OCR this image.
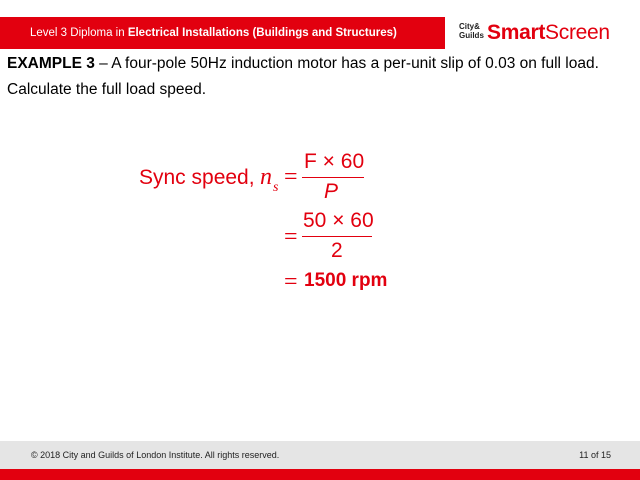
Level 3 Diploma in Electrical Installations (Buildings and Structures)
City&
Guilds SmartScreen
EXAMPLE 3 – A four-pole 50Hz induction motor has a per-unit slip of 0.03 on full load. Calculate the full load speed.
Sync speed, n s =
F × 60
P
=
50 × 60
2
= 1500 rpm
© 2018 City and Guilds of London Institute. All rights reserved.	11 of 15
